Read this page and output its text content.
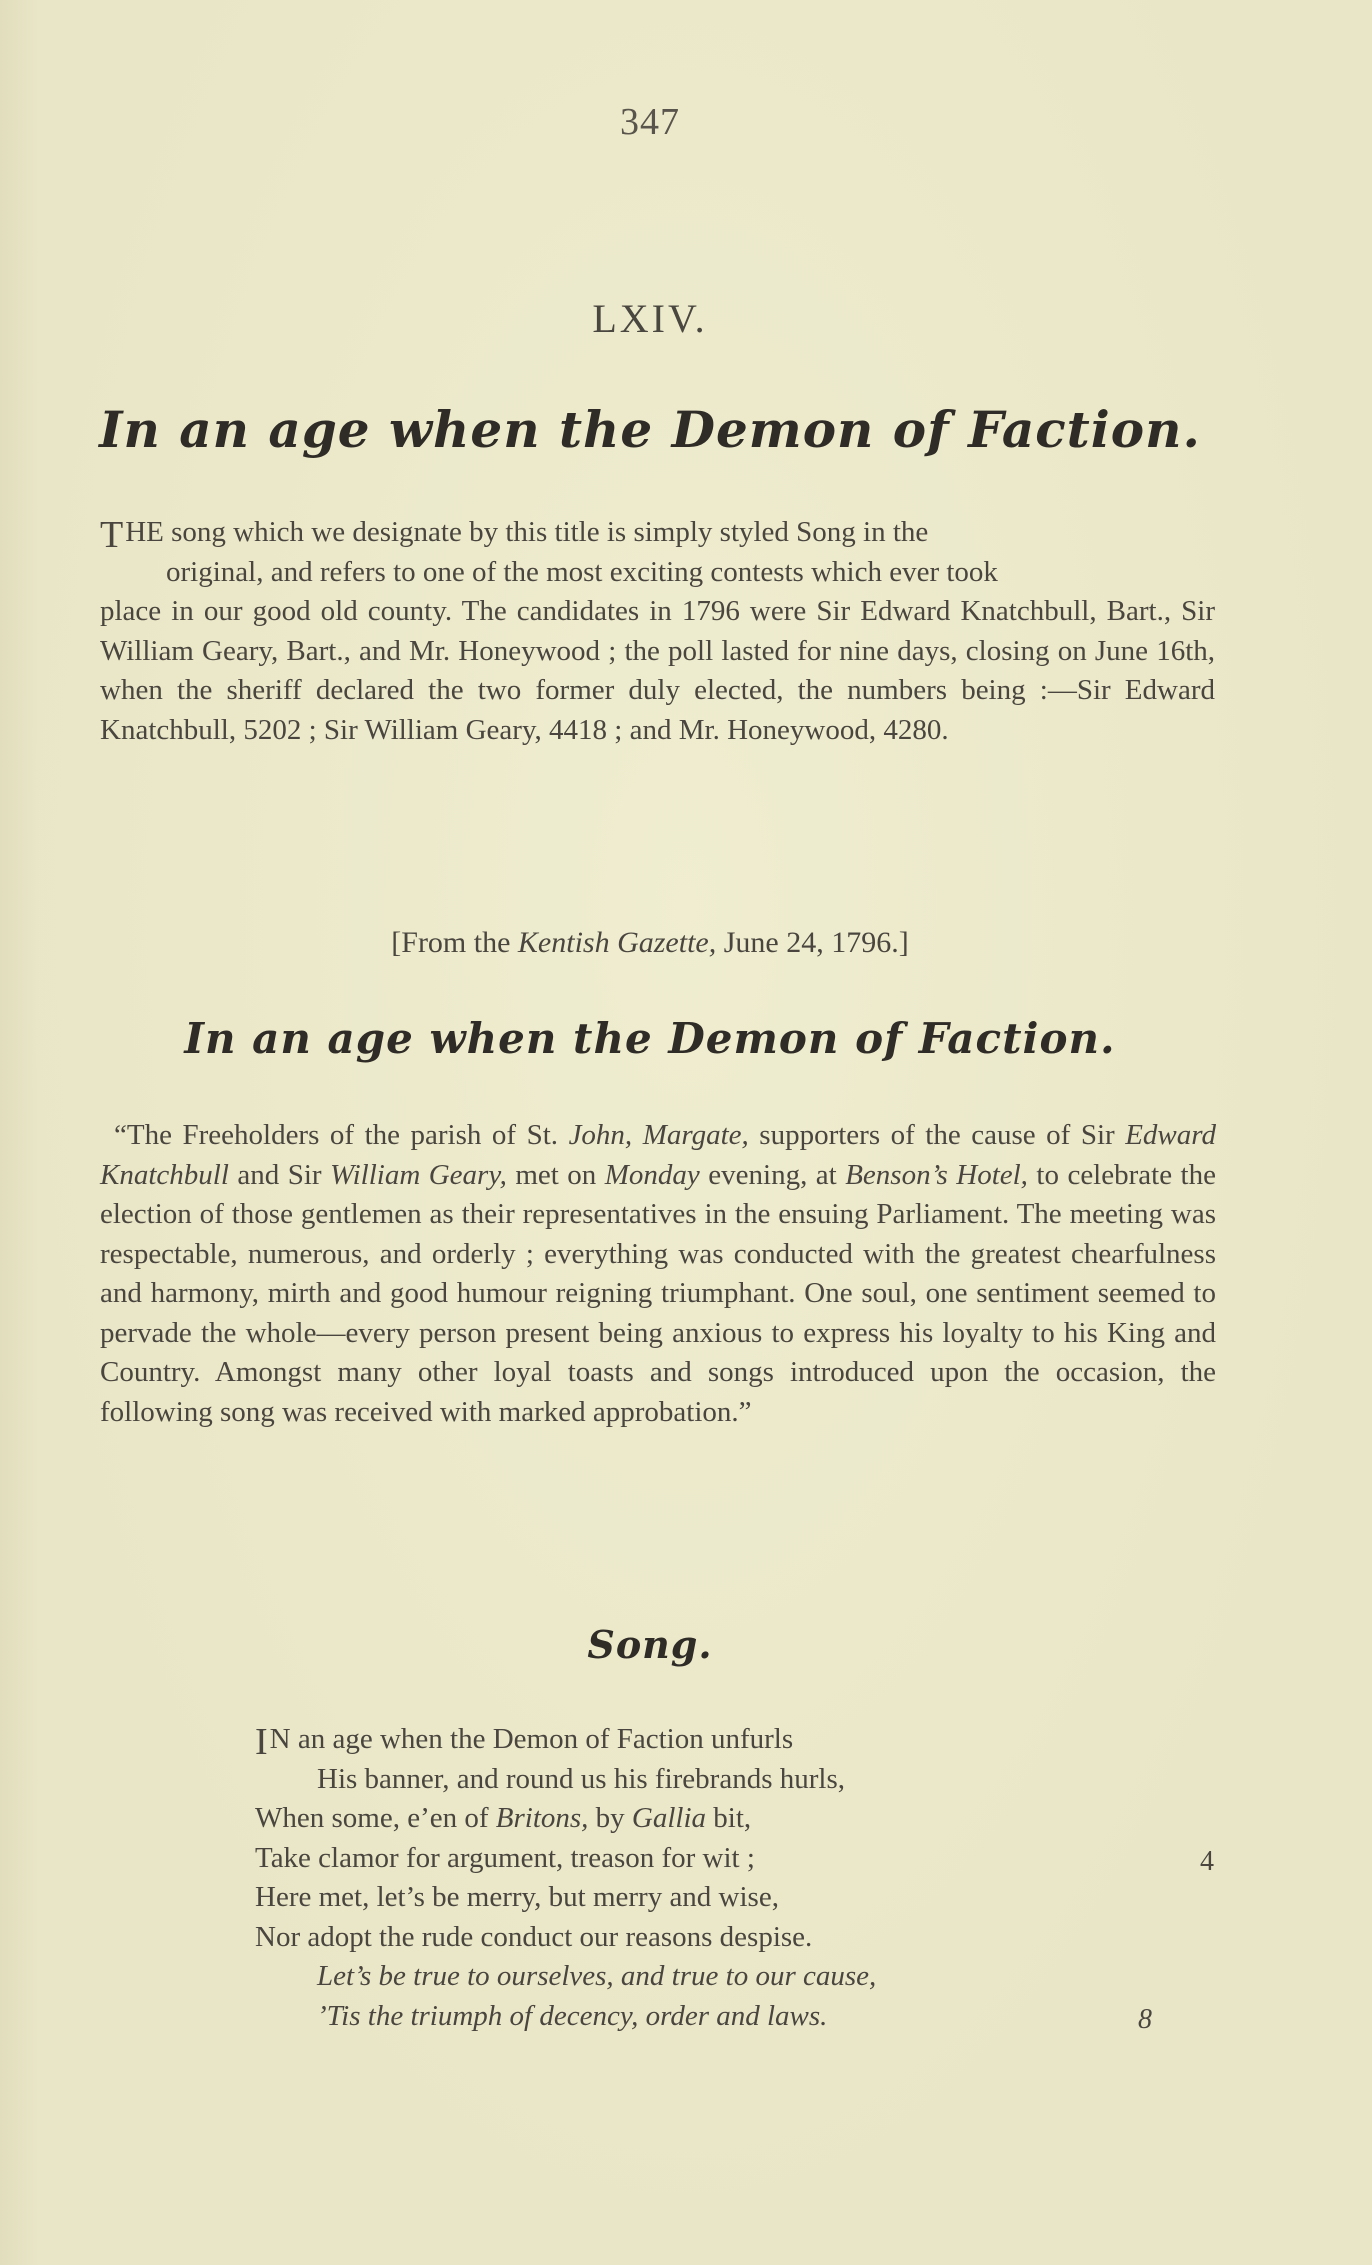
347
LXIV.
In an age when the Demon of Faction.
THE song which we designate by this title is simply styled Song in the
original, and refers to one of the most exciting contests which ever took
place in our good old county. The candidates in 1796 were Sir Edward Knatchbull, Bart., Sir William Geary, Bart., and Mr. Honeywood ; the poll lasted for nine days, closing on June 16th, when the sheriff declared the two former duly elected, the numbers being :—Sir Edward Knatchbull, 5202 ; Sir William Geary, 4418 ; and Mr. Honeywood, 4280.
[From the Kentish Gazette, June 24, 1796.]
In an age when the Demon of Faction.

“The Freeholders of the parish of St. John, Margate, supporters of the cause of Sir Edward Knatchbull and Sir William Geary, met on Monday evening, at Benson’s Hotel, to celebrate the election of those gentlemen as their representatives in the ensuing Parliament. The meeting was respectable, numerous, and orderly ; everything was conducted with the greatest chearfulness and harmony, mirth and good humour reigning triumphant. One soul, one sentiment seemed to pervade the whole—every person present being anxious to express his loyalty to his King and Country. Amongst many other loyal toasts and songs introduced upon the occasion, the following song was received with marked approbation.”

Song.
IN an age when the Demon of Faction unfurls
His banner, and round us his firebrands hurls,
When some, e’en of Britons, by Gallia bit,
Take clamor for argument, treason for wit ;	4
Here met, let’s be merry, but merry and wise,
Nor adopt the rude conduct our reasons despise.
Let’s be true to ourselves, and true to our cause,
’Tis the triumph of decency, order and laws.	8
